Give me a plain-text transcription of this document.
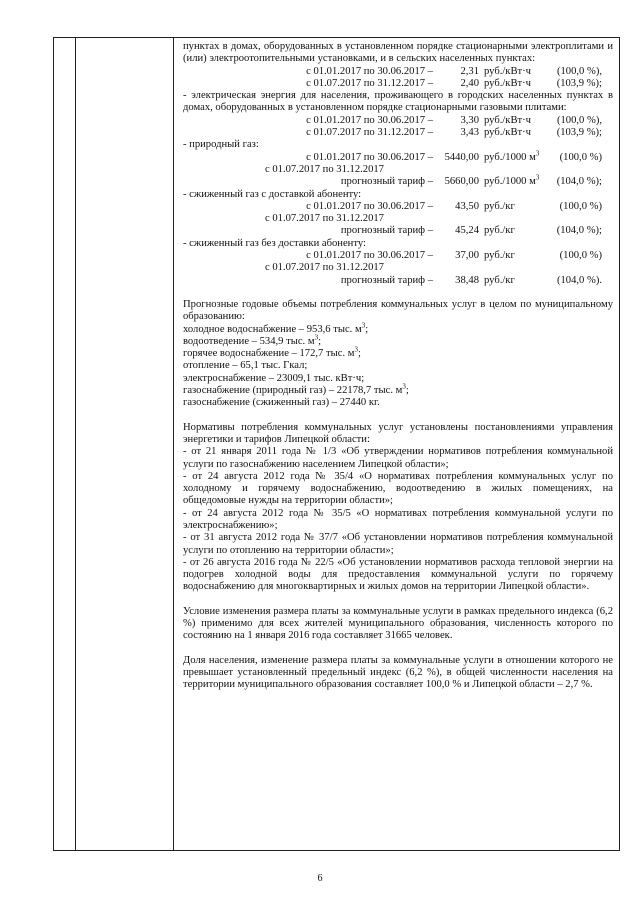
пунктах в домах, оборудованных в установленном порядке стационарными электроплитами и (или) электроотопительными установками, и в сельских населенных пунктах:

с 01.01.2017 по 30.06.2017 –	2,31 руб./кВт·ч	(100,0 %),
с 01.07.2017 по 31.12.2017 –	2,40 руб./кВт·ч	(103,9 %);

- электрическая энергия для населения, проживающего в городских населенных пунктах в домах, оборудованных в установленном порядке стационарными газовыми плитами:

с 01.01.2017 по 30.06.2017 –	3,30 руб./кВт·ч	(100,0 %),
с 01.07.2017 по 31.12.2017 –	3,43 руб./кВт·ч	(103,9 %);

- природный газ:

с 01.01.2017 по 30.06.2017 –	5440,00 руб./1000 $м^3$	(100,0 %)
с 01.07.2017 по 31.12.2017
прогнозный тариф –	5660,00 руб./1000 $м^3$	(104,0 %);

- сжиженный газ с доставкой абоненту:

с 01.01.2017 по 30.06.2017 –	43,50 руб./кг	(100,0 %)
с 01.07.2017 по 31.12.2017
прогнозный тариф –	45,24 руб./кг	(104,0 %);

- сжиженный газ без доставки абоненту:

с 01.01.2017 по 30.06.2017 –	37,00 руб./кг	(100,0 %)
с 01.07.2017 по 31.12.2017
прогнозный тариф –	38,48 руб./кг	(104,0 %).

Прогнозные годовые объемы потребления коммунальных услуг в целом по муниципальному образованию:

холодное водоснабжение – 953,6 тыс. $м^3$;

водоотведение – 534,9 тыс. $м^3$;

горячее водоснабжение – 172,7 тыс. $м^3$;

отопление – 65,1 тыс. Гкал;

электроснабжение – 23009,1 тыс. кВт·ч;

газоснабжение (природный газ) – 22178,7 тыс. $м^3$;

газоснабжение (сжиженный газ) – 27440 кг.

Нормативы потребления коммунальных услуг установлены постановлениями управления энергетики и тарифов Липецкой области:

- от 21 января 2011 года № 1/3 «Об утверждении нормативов потребления коммунальной услуги по газоснабжению населением Липецкой области»;

- от 24 августа 2012 года № 35/4 «О нормативах потребления коммунальных услуг по холодному и горячему водоснабжению, водоотведению в жилых помещениях, на общедомовые нужды на территории области»;

- от 24 августа 2012 года № 35/5 «О нормативах потребления коммунальной услуги по электроснабжению»;

- от 31 августа 2012 года № 37/7 «Об установлении нормативов потребления коммунальной услуги по отоплению на территории области»;

- от 26 августа 2016 года № 22/5 «Об установлении нормативов расхода тепловой энергии на подогрев холодной воды для предоставления коммунальной услуги по горячему водоснабжению для многоквартирных и жилых домов на территории Липецкой области».

Условие изменения размера платы за коммунальные услуги в рамках предельного индекса (6,2 %) применимо для всех жителей муниципального образования, численность которого по состоянию на 1 января 2016 года составляет 31665 человек.

Доля населения, изменение размера платы за коммунальные услуги в отношении которого не превышает установленный предельный индекс (6,2 %), в общей численности населения на территории муниципального образования составляет 100,0 % и Липецкой области – 2,7 %.

6
